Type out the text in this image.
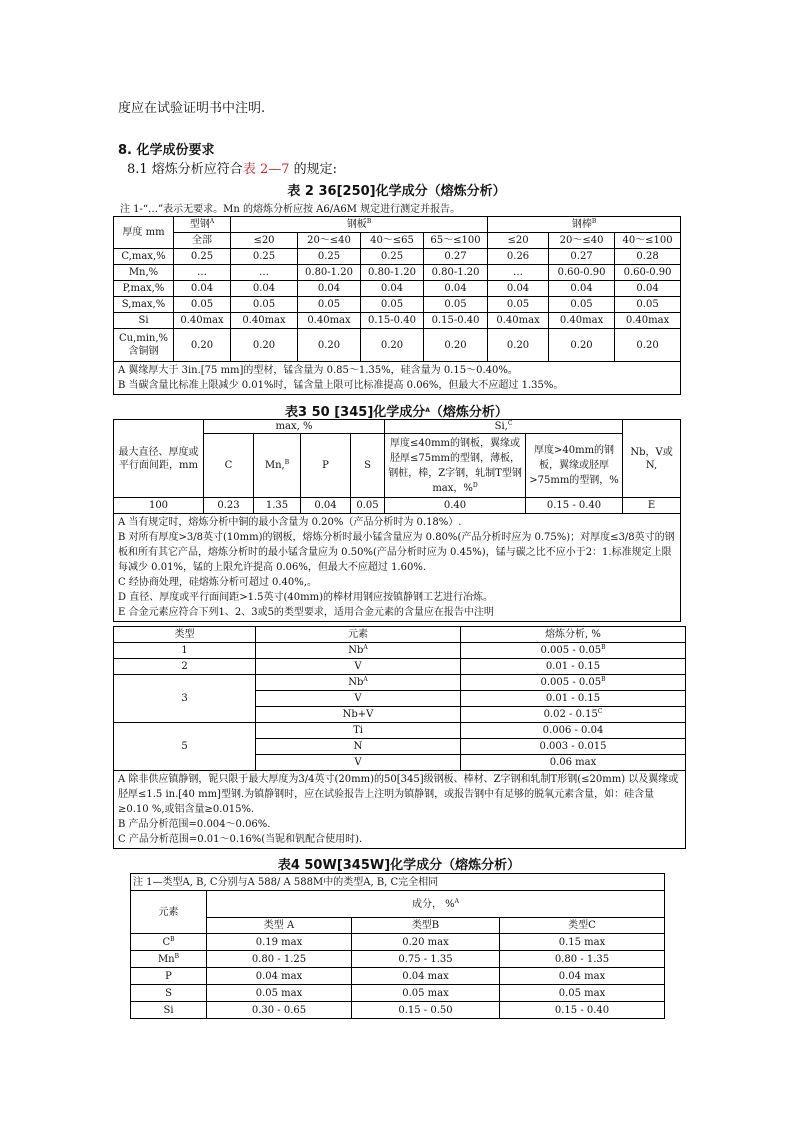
度应在试验证明书中注明.
8. 化学成份要求
8.1 熔炼分析应符合表 2—7 的规定:
表 2 36[250]化学成分（熔炼分析）
注 1-“…”表示无要求。Mn 的熔炼分析应按 A6/A6M 规定进行测定并报告。
厚度 mm	型钢$^A$	钢板$^B$				钢棒$^B$
	全部	≤20	20～≤40	40～≤65	65～≤100	≤20	20～≤40	40～≤100
C,max,%	0.25	0.25	0.25	0.25	0.27	0.26	0.27	0.28
Mn,%	…	…	0.80-1.20	0.80-1.20	0.80-1.20	…	0.60-0.90	0.60-0.90
P,max,%	0.04	0.04	0.04	0.04	0.04	0.04	0.04	0.04
S,max,%	0.05	0.05	0.05	0.05	0.05	0.05	0.05	0.05
Si	0.40max	0.40max	0.40max	0.15-0.40	0.15-0.40	0.40max	0.40max	0.40max

Cu,min,%
含铜钢	0.20	0.20	0.20	0.20	0.20	0.20	0.20	0.20

A 翼缘厚大于 3in.[75 mm]的型材，锰含量为 0.85～1.35%，硅含量为 0.15～0.40%。
B 当碳含量比标准上限减少 0.01%时，锰含量上限可比标准提高 0.06%，但最大不应超过 1.35%。								
表3 50 [345]化学成分$^A$（熔炼分析）
最大直径、厚度或平行面间距，mm	max, %				Si,$^C$		Nb，V或N,
	C	Mn,$^B$	P	S	厚度≤40mm的钢板，翼缘或胫厚≤75mm的型钢，薄板，钢桩，棒，Z字钢，轧制T型钢max，%$^D$	厚度>40mm的钢板，翼缘或胫厚>75mm的型钢，%	
100	0.23	1.35	0.04	0.05	0.40	0.15 - 0.40	E

A 当有规定时，熔炼分析中铜的最小含量为 0.20%（产品分析时为 0.18%）.
B 对所有厚度>3/8英寸(10mm)的钢板，熔炼分析时最小锰含量应为 0.80%(产品分析时应为 0.75%)；对厚度≤3/8英寸的钢板和所有其它产品，熔炼分析时的最小锰含量应为 0.50%(产品分析时应为 0.45%)，锰与碳之比不应小于2：1.标准规定上限每减少 0.01%，锰的上限允许提高 0.06%，但最大不应超过 1.60%.
C 经协商处理，硅熔炼分析可超过 0.40%,。
D 直径、厚度或平行面间距>1.5英寸(40mm)的棒材用钢应按镇静钢工艺进行冶炼。
E 合金元素应符合下列1、2、3或5的类型要求，适用合金元素的含量应在报告中注明							
类型	元素	熔炼分析, %
1	$Nb^A$	$0.005 - 0.05^B$
2	V	0.01 - 0.15
3	$Nb^A$	$0.005 - 0.05^B$
	V	0.01 - 0.15
	Nb+V	$0.02 - 0.15^C$
5	Ti	0.006 - 0.04
	N	0.003 - 0.015
	V	0.06 max

A 除非供应镇静钢，铌只限于最大厚度为3/4英寸(20mm)的50[345]级钢板、棒材、Z字钢和轧制T形钢(≤20mm) 以及翼缘或胫厚≤1.5 in.[40 mm]型钢.为镇静钢时，应在试验报告上注明为镇静钢，或报告钢中有足够的脱氧元素含量，如：硅含量≥0.10 %,或铝含量≥0.015%.
B 产品分析范围=0.004～0.06%.
C 产品分析范围=0.01～0.16%(当铌和钒配合使用时).		
表4 50W[345W]化学成分（熔炼分析）
注 1—类型A, B, C分别与A 588/ A 588M中的类型A, B, C完全相同			
元素	成分， %$^A$
	类型 A	类型B	类型C
$C^B$	0.19 max	0.20 max	0.15 max
$Mn^B$	0.80 - 1.25	0.75 - 1.35	0.80 - 1.35
P	0.04 max	0.04 max	0.04 max
S	0.05 max	0.05 max	0.05 max
Si	0.30 - 0.65	0.15 - 0.50	0.15 - 0.40
